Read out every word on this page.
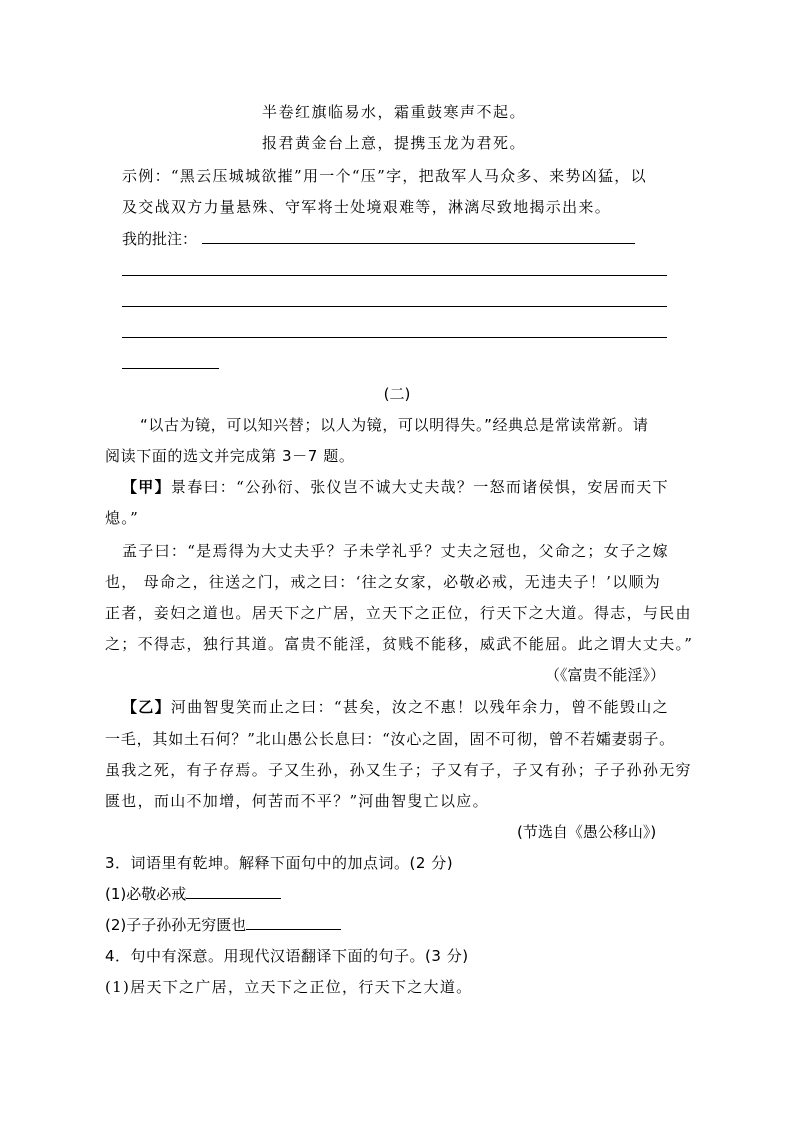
半卷红旗临易水，霜重鼓寒声不起。
报君黄金台上意，提携玉龙为君死。
示例：“黑云压城城欲摧”用一个“压”字，把敌军人马众多、来势凶猛，以
及交战双方力量悬殊、守军将士处境艰难等，淋漓尽致地揭示出来。
我的批注：
(二)
“以古为镜，可以知兴替；以人为镜，可以明得失。”经典总是常读常新。请
阅读下面的选文并完成第 3－7 题。
【甲】景春曰：“公孙衍、张仪岂不诚大丈夫哉？一怒而诸侯惧，安居而天下
熄。”
孟子曰：“是焉得为大丈夫乎？子未学礼乎？丈夫之冠也，父命之；女子之嫁
也， 母命之，往送之门，戒之曰：‘往之女家，必敬必戒，无违夫子！’以顺为
正者，妾妇之道也。居天下之广居，立天下之正位，行天下之大道。得志，与民由
之；不得志，独行其道。富贵不能淫，贫贱不能移，威武不能屈。此之谓大丈夫。”
（《富贵不能淫》）
【乙】河曲智叟笑而止之曰：“甚矣，汝之不惠！以残年余力，曾不能毁山之
一毛，其如土石何？”北山愚公长息曰：“汝心之固，固不可彻，曾不若孀妻弱子。
虽我之死，有子存焉。子又生孙，孙又生子；子又有子，子又有孙；子子孙孙无穷
匮也，而山不加增，何苦而不平？”河曲智叟亡以应。
(节选自《愚公移山》)
3．词语里有乾坤。解释下面句中的加点词。(2 分)
(1)必敬必戒
(2)子子孙孙无穷匮也
4．句中有深意。用现代汉语翻译下面的句子。(3 分)
(1)居天下之广居，立天下之正位，行天下之大道。
